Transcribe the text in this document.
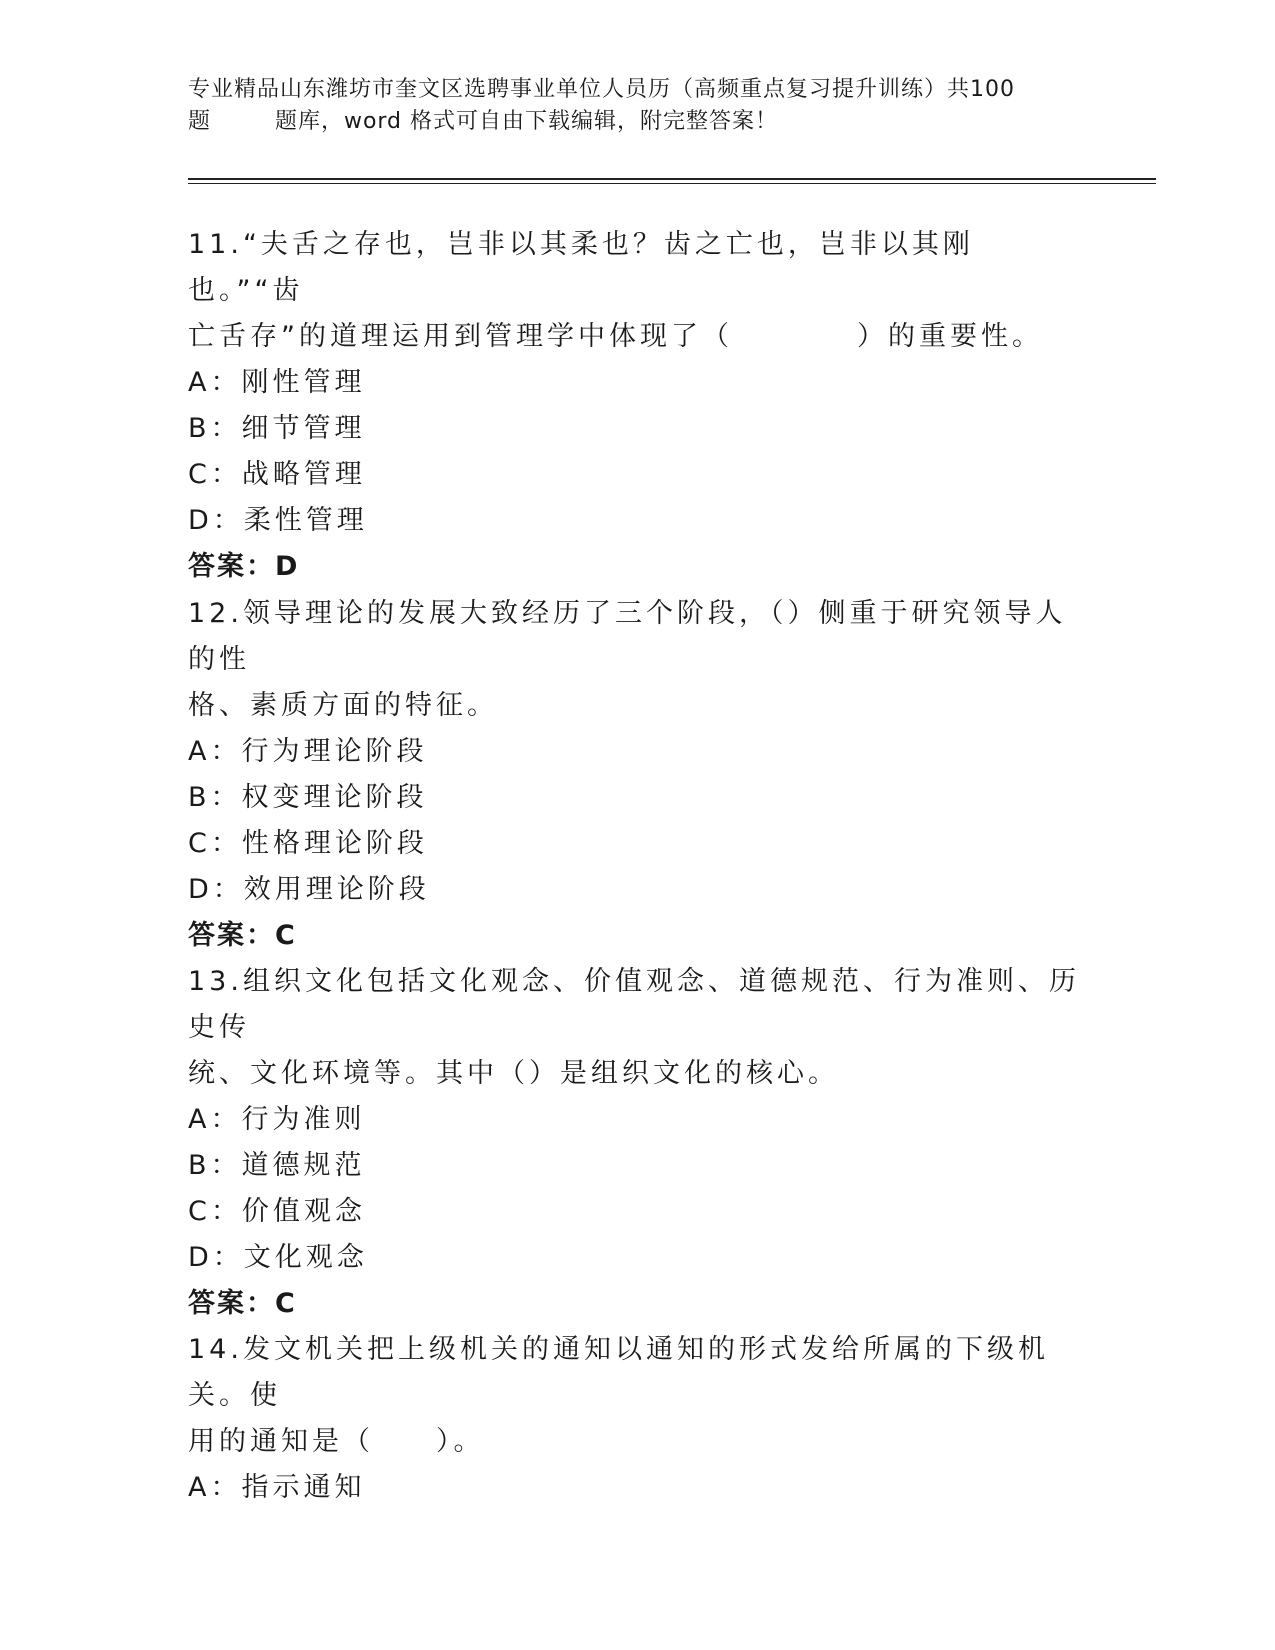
专业精品山东潍坊市奎文区选聘事业单位人员历（高频重点复习提升训练）共100
题        题库，word 格式可自由下载编辑，附完整答案！

11.“夫舌之存也，岂非以其柔也？齿之亡也，岂非以其刚也。”“齿

亡舌存”的道理运用到管理学中体现了（　　　　）的重要性。

A：刚性管理

B：细节管理

C：战略管理

D：柔性管理

答案：D

12.领导理论的发展大致经历了三个阶段，（）侧重于研究领导人的性

格、素质方面的特征。

A：行为理论阶段

B：权变理论阶段

C：性格理论阶段

D：效用理论阶段

答案：C

13.组织文化包括文化观念、价值观念、道德规范、行为准则、历史传

统、文化环境等。其中（）是组织文化的核心。

A：行为准则

B：道德规范

C：价值观念

D：文化观念

答案：C

14.发文机关把上级机关的通知以通知的形式发给所属的下级机关。使

用的通知是（　　）。

A：指示通知
